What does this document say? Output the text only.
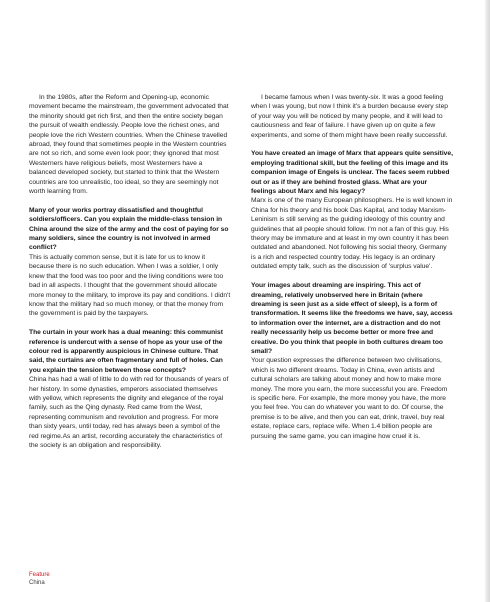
In the 1980s, after the Reform and Opening-up, economic movement became the mainstream, the government advocated that the minority should get rich first, and then the entire society began the pursuit of wealth endlessly. People love the richest ones, and people love the rich Western countries. When the Chinese travelled abroad, they found that sometimes people in the Western countries are not so rich, and some even look poor; they ignored that most Westerners have religious beliefs, most Westerners have a balanced developed society, but started to think that the Western countries are too unrealistic, too ideal, so they are seemingly not worth learning from.

Many of your works portray dissatisfied and thoughtful soldiers/officers. Can you explain the middle-class tension in China around the size of the army and the cost of paying for so many soldiers, since the country is not involved in armed conflict?

This is actually common sense, but it is late for us to know it because there is no such education. When I was a soldier, I only knew that the food was too poor and the living conditions were too bad in all aspects. I thought that the government should allocate more money to the military, to improve its pay and conditions. I didn't know that the military had so much money, or that the money from the government is paid by the taxpayers.

The curtain in your work has a dual meaning: this communist reference is undercut with a sense of hope as your use of the colour red is apparently auspicious in Chinese culture. That said, the curtains are often fragmentary and full of holes. Can you explain the tension between those concepts?

China has had a wall of little to do with red for thousands of years of her history. In some dynasties, emperors associated themselves with yellow, which represents the dignity and elegance of the royal family, such as the Qing dynasty. Red came from the West, representing communism and revolution and progress. For more than sixty years, until today, red has always been a symbol of the red regime.As an artist, recording accurately the characteristics of the society is an obligation and responsibility.

I became famous when I was twenty-six. It was a good feeling when I was young, but now I think it's a burden because every step of your way you will be noticed by many people, and it will lead to cautiousness and fear of failure. I have given up on quite a few experiments, and some of them might have been really successful.

You have created an image of Marx that appears quite sensitive, employing traditional skill, but the feeling of this image and its companion image of Engels is unclear. The faces seem rubbed out or as if they are behind frosted glass. What are your feelings about Marx and his legacy?

Marx is one of the many European philosophers. He is well known in China for his theory and his book Das Kapital, and today Marxism-Leninism is still serving as the guiding ideology of this country and guidelines that all people should follow. I'm not a fan of this guy. His theory may be immature and at least in my own country it has been outdated and abandoned. Not following his social theory, Germany is a rich and respected country today. His legacy is an ordinary outdated empty talk, such as the discussion of 'surplus value'.

Your images about dreaming are inspiring. This act of dreaming, relatively unobserved here in Britain (where dreaming is seen just as a side effect of sleep), is a form of transformation. It seems like the freedoms we have, say, access to information over the internet, are a distraction and do not really necessarily help us become better or more free and creative. Do you think that people in both cultures dream too small?

Your question expresses the difference between two civilisations, which is two different dreams. Today in China, even artists and cultural scholars are talking about money and how to make more money. The more you earn, the more successful you are. Freedom is specific here. For example, the more money you have, the more you feel free. You can do whatever you want to do. Of course, the premise is to be alive, and then you can eat, drink, travel, buy real estate, replace cars, replace wife. When 1.4 billion people are pursuing the same game, you can imagine how cruel it is.

Feature
China
